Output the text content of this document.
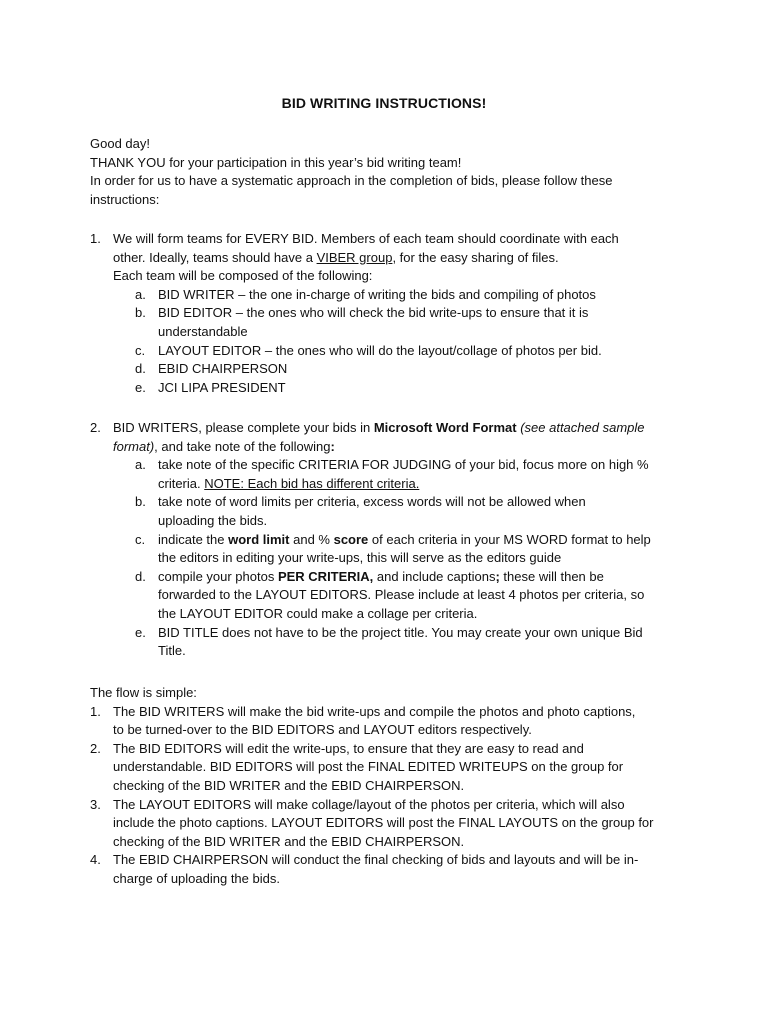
BID WRITING INSTRUCTIONS!
Good day!
THANK YOU for your participation in this year’s bid writing team!
In order for us to have a systematic approach in the completion of bids, please follow these
instructions:
1. We will form teams for EVERY BID. Members of each team should coordinate with each
other. Ideally, teams should have a VIBER group, for the easy sharing of files.
Each team will be composed of the following:
a. BID WRITER – the one in-charge of writing the bids and compiling of photos
b. BID EDITOR – the ones who will check the bid write-ups to ensure that it is
understandable
c. LAYOUT EDITOR – the ones who will do the layout/collage of photos per bid.
d. EBID CHAIRPERSON
e. JCI LIPA PRESIDENT
2. BID WRITERS, please complete your bids in Microsoft Word Format (see attached sample
format), and take note of the following:
a. take note of the specific CRITERIA FOR JUDGING of your bid, focus more on high %
criteria. NOTE: Each bid has different criteria.
b. take note of word limits per criteria, excess words will not be allowed when
uploading the bids.
c. indicate the word limit and % score of each criteria in your MS WORD format to help
the editors in editing your write-ups, this will serve as the editors guide
d. compile your photos PER CRITERIA, and include captions; these will then be
forwarded to the LAYOUT EDITORS. Please include at least 4 photos per criteria, so
the LAYOUT EDITOR could make a collage per criteria.
e. BID TITLE does not have to be the project title. You may create your own unique Bid
Title.
The flow is simple:
1. The BID WRITERS will make the bid write-ups and compile the photos and photo captions,
to be turned-over to the BID EDITORS and LAYOUT editors respectively.
2. The BID EDITORS will edit the write-ups, to ensure that they are easy to read and
understandable. BID EDITORS will post the FINAL EDITED WRITEUPS on the group for
checking of the BID WRITER and the EBID CHAIRPERSON.
3. The LAYOUT EDITORS will make collage/layout of the photos per criteria, which will also
include the photo captions. LAYOUT EDITORS will post the FINAL LAYOUTS on the group for
checking of the BID WRITER and the EBID CHAIRPERSON.
4. The EBID CHAIRPERSON will conduct the final checking of bids and layouts and will be in-
charge of uploading the bids.
